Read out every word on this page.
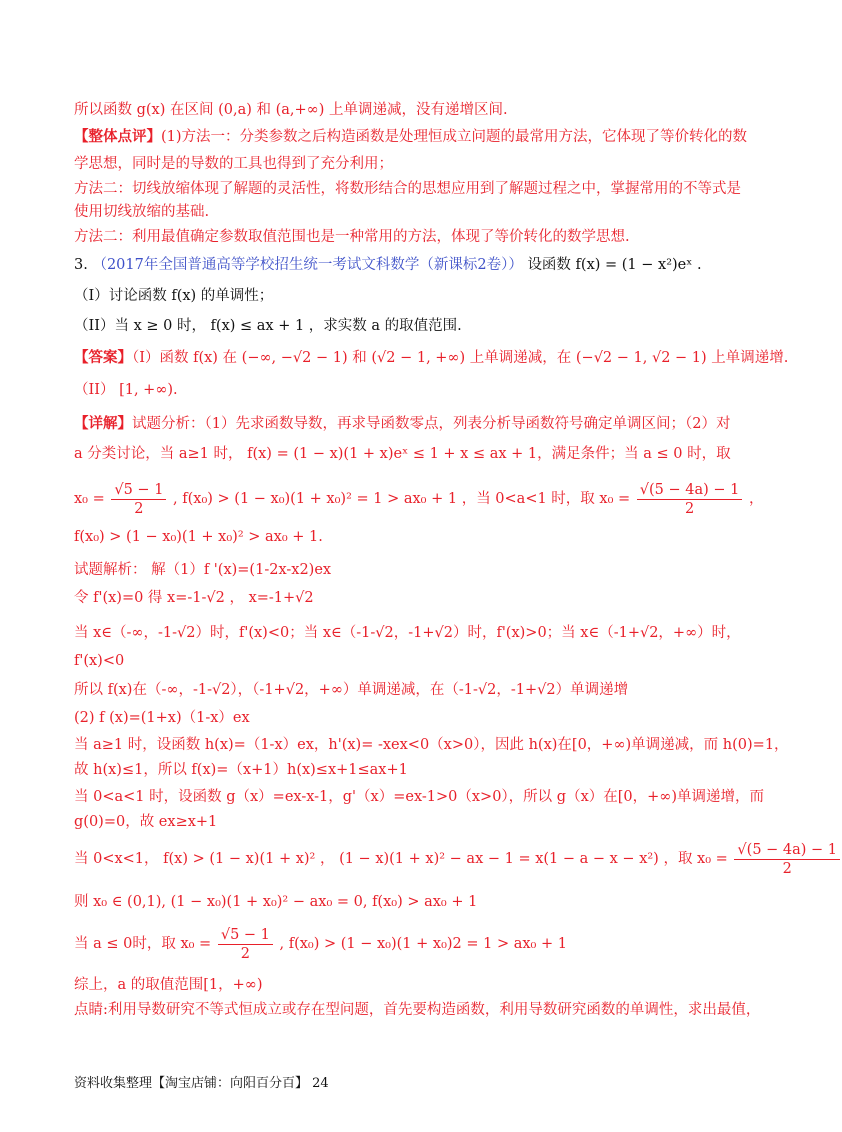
所以函数 g(x) 在区间 (0,a) 和 (a,+∞) 上单调递减，没有递增区间.
【整体点评】(1)方法一：分类参数之后构造函数是处理恒成立问题的最常用方法，它体现了等价转化的数
学思想，同时是的导数的工具也得到了充分利用；
方法二：切线放缩体现了解题的灵活性，将数形结合的思想应用到了解题过程之中，掌握常用的不等式是
使用切线放缩的基础.
方法二：利用最值确定参数取值范围也是一种常用的方法，体现了等价转化的数学思想.
3. （2017年全国普通高等学校招生统一考试文科数学（新课标2卷）） 设函数 f(x) = (1 − x²)eˣ .
（I）讨论函数 f(x) 的单调性；
（II）当 x ≥ 0 时， f(x) ≤ ax + 1 ，求实数 a 的取值范围.
【答案】（I）函数 f(x) 在 (−∞, −√2 − 1) 和 (√2 − 1, +∞) 上单调递减，在 (−√2 − 1, √2 − 1) 上单调递增.
（II） [1, +∞).
【详解】试题分析：（1）先求函数导数，再求导函数零点，列表分析导函数符号确定单调区间；（2）对
a 分类讨论，当 a≥1 时， f(x) = (1 − x)(1 + x)eˣ ≤ 1 + x ≤ ax + 1，满足条件；当 a ≤ 0 时，取
$x_0 = \frac{√5 - 1}{2}$ , f(x₀) > (1 − x₀)(1 + x₀)² = 1 > ax₀ + 1 ，当 0<a<1 时，取 $x_0 = \frac{√(5 - 4a) - 1}{2}$ ，
f(x₀) > (1 − x₀)(1 + x₀)² > ax₀ + 1.
试题解析： 解（1）f '(x)=(1-2x-x2)ex
令 f'(x)=0 得 x=-1-√2 ， x=-1+√2
当 x∈（-∞，-1-√2）时，f'(x)<0；当 x∈（-1-√2，-1+√2）时，f'(x)>0；当 x∈（-1+√2，+∞）时，
f'(x)<0
所以 f(x)在（-∞，-1-√2），（-1+√2，+∞）单调递减，在（-1-√2，-1+√2）单调递增
(2) f (x)=(1+x)（1-x）ex
当 a≥1 时，设函数 h(x)=（1-x）ex，h'(x)= -xex<0（x>0），因此 h(x)在[0，+∞)单调递减，而 h(0)=1，
故 h(x)≤1，所以 f(x)=（x+1）h(x)≤x+1≤ax+1
当 0<a<1 时，设函数 g（x）=ex-x-1，g'（x）=ex-1>0（x>0），所以 g（x）在[0，+∞)单调递增，而
g(0)=0，故 ex≥x+1
当 0<x<1， f(x) > (1 − x)(1 + x)² ， (1 − x)(1 + x)² − ax − 1 = x(1 − a − x − x²) ，取 $x_0 = \frac{√(5 - 4a) - 1}{2}$
则 x₀ ∈ (0,1), (1 − x₀)(1 + x₀)² − ax₀ = 0, f(x₀) > ax₀ + 1
当 a ≤ 0时，取 $x_0 = \frac{√5 - 1}{2}$ , f(x₀) > (1 − x₀)(1 + x₀)2 = 1 > ax₀ + 1
综上，a 的取值范围[1，+∞)
点睛:利用导数研究不等式恒成立或存在型问题，首先要构造函数，利用导数研究函数的单调性，求出最值，
资料收集整理【淘宝店铺：向阳百分百】 24
